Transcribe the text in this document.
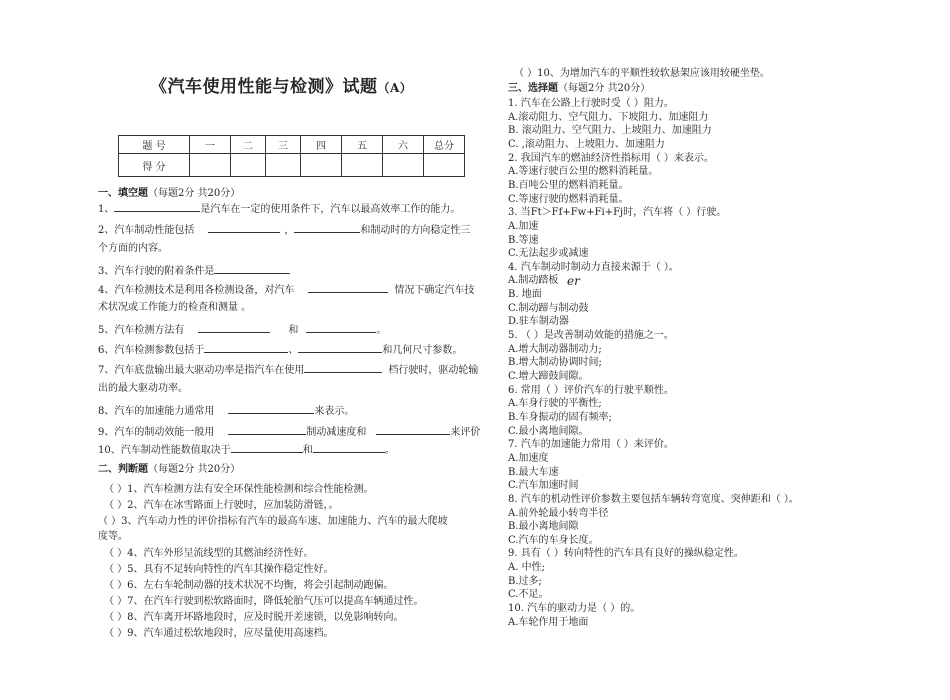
《汽车使用性能与检测》试题（A）
题 号	一	二	三	四	五	六	总分
得 分							
一、填空题（每题2分 共20分）
1、	是汽车在一定的使用条件下，汽车以最高效率工作的能力。
2、汽车制动性能包括	，	和制动时的方向稳定性三
个方面的内容。
3、汽车行驶的附着条件是
4、汽车检测技术是利用各检测设备，对汽车	情况下确定汽车技
术状况或工作能力的检查和测量 。
5、汽车检测方法有	和	。
6、汽车检测参数包括于	、	和几何尺寸参数。
7、汽车底盘输出最大驱动功率是指汽车在使用	档行驶时，驱动轮输
出的最大驱动功率。
8、汽车的加速能力通常用	来表示。
9、汽车的制动效能一般用	制动减速度和	来评价
10、汽车制动性能数值取决于	和	。
二、判断题（每题2分 共20分）
（ ）1、汽车检测方法有安全环保性能检测和综合性能检测。
（ ）2、汽车在冰雪路面上行驶时，应加装防滑链，。
（ ）3、汽车动力性的评价指标有汽车的最高车速、加速能力、汽车的最大爬坡
度等。
（ ）4、汽车外形呈流线型的其燃油经济性好。
（ ）5、具有不足转向特性的汽车其操作稳定性好。
（ ）6、左右车轮制动器的技术状况不均衡，将会引起制动跑偏。
（ ）7、在汽车行驶到松软路面时，降低轮胎气压可以提高车辆通过性。
（ ）8、汽车离开坏路地段时，应及时脱开差速锁，以免影响转向。
（ ）9、汽车通过松软地段时，应尽量使用高速档。
（ ）10、为增加汽车的平顺性较软悬架应该用较硬坐垫。
三、选择题（每题2分 共20分）
1. 汽车在公路上行驶时受（ ）阻力。
A.滚动阻力、空气阻力、下坡阻力、加速阻力
B. 滚动阻力、空气阻力、上坡阻力、加速阻力
C. ,滚动阻力、上坡阻力、加速阻力
2. 我国汽车的燃油经济性指标用（ ）来表示。
A.等速行驶百公里的燃料消耗量。
B.百吨公里的燃料消耗量。
C.等速行驶的燃料消耗量。
3. 当Ft＞Ff+Fw+Fi+Fj时，汽车将（ ）行驶。
A.加速
B.等速
C.无法起步或减速
4. 汽车制动时制动力直接来源于（ ）。
A.制动踏板
B. 地面
C.制动蹄与制动鼓
D.驻车制动器
5. （ ）是改善制动效能的措施之一。
A.增大制动器制动力;
B.增大制动协调时间;
C.增大蹄鼓间隙。
6. 常用（ ）评价汽车的行驶平顺性。
A.车身行驶的平衡性;
B.车身振动的固有频率;
C.最小离地间隙。
7. 汽车的加速能力常用（ ）来评价。
A.加速度
B.最大车速
C.汽车加速时间
8. 汽车的机动性评价参数主要包括车辆转弯宽度、突伸距和（ ）。
A.前外轮最小转弯半径
B.最小离地间隙
C.汽车的车身长度。
9. 具有（ ）转向特性的汽车具有良好的操纵稳定性。
A. 中性;
B.过多;
C.不足。
10. 汽车的驱动力是（ ）的。
A.车轮作用于地面
er
